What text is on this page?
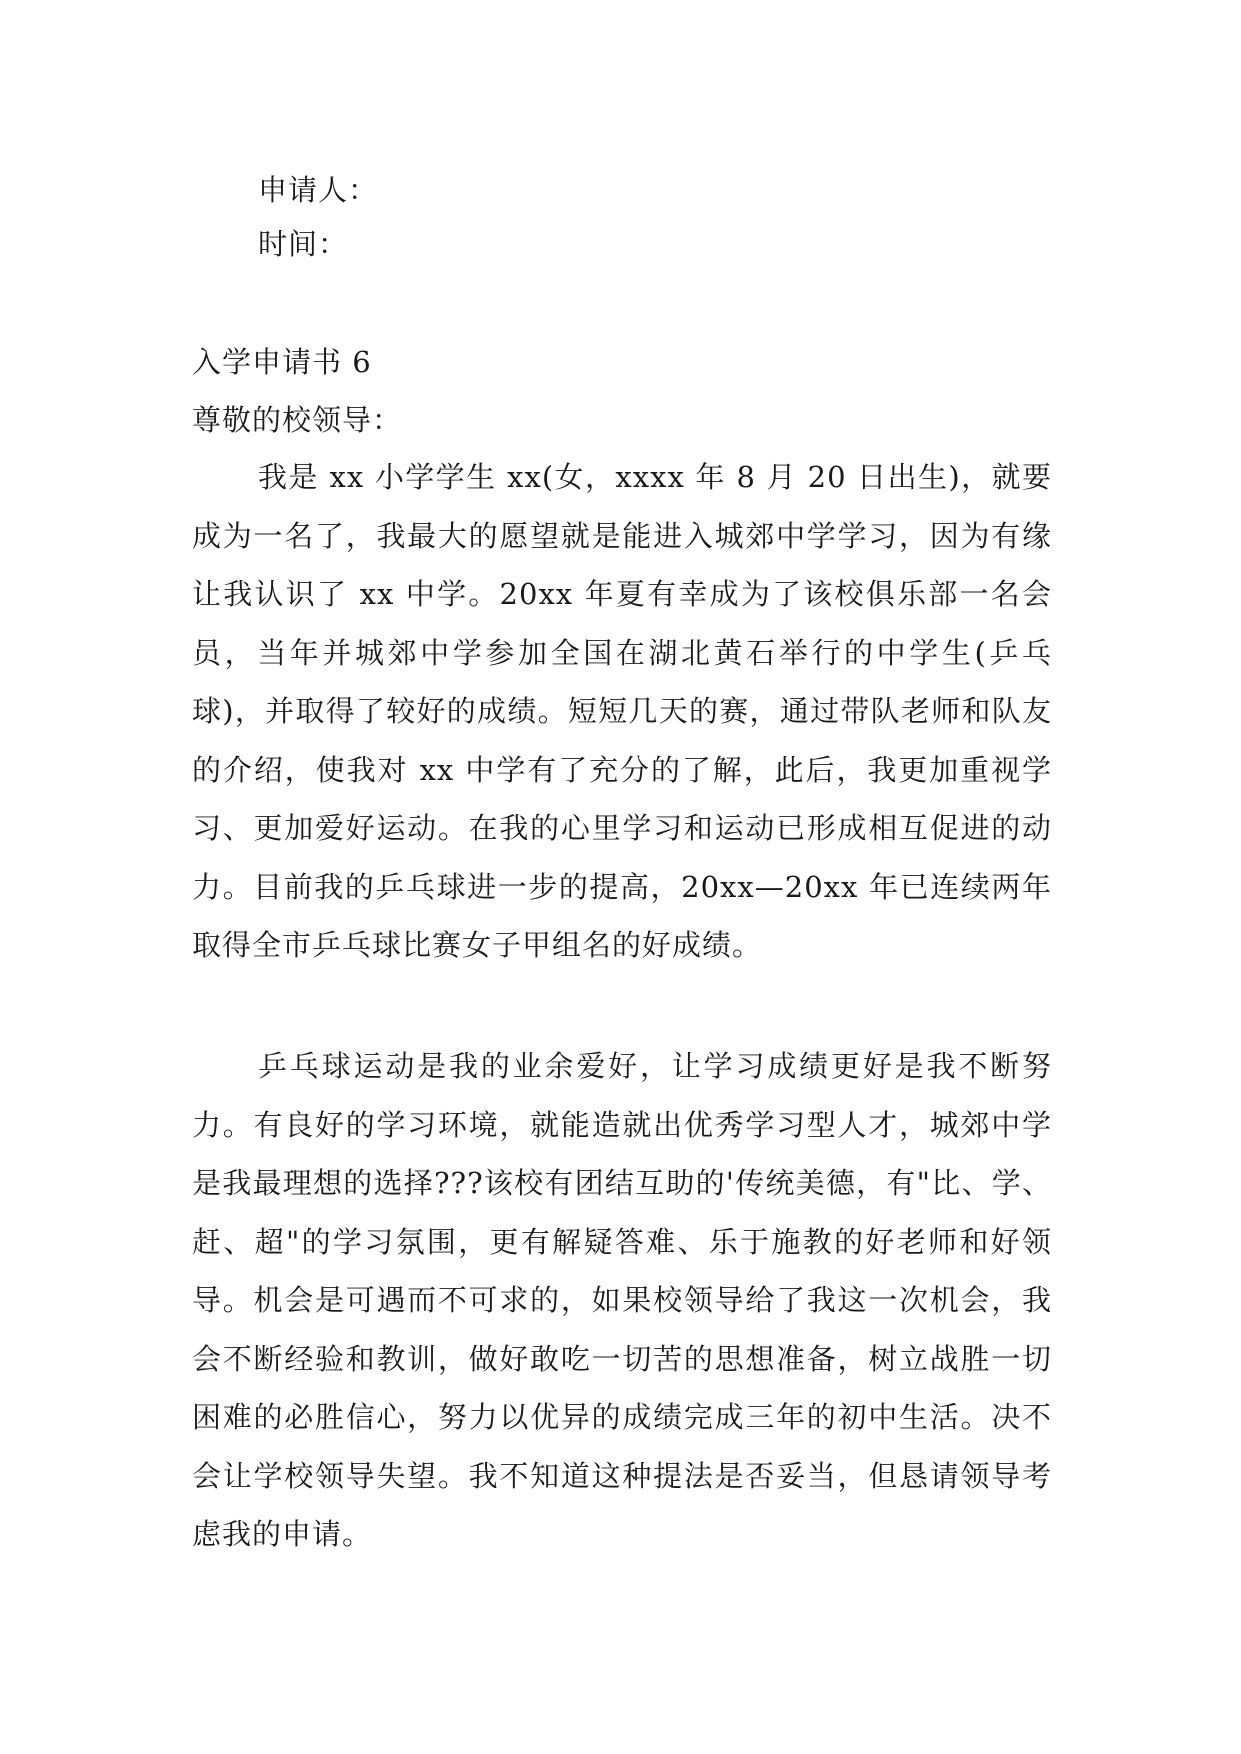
申请人：
时间：
入学申请书 6
尊敬的校领导：

我是 xx 小学学生 xx(女，xxxx 年 8 月 20 日出生)，就要成为一名了，我最大的愿望就是能进入城郊中学学习，因为有缘让我认识了 xx 中学。20xx 年夏有幸成为了该校俱乐部一名会员，当年并城郊中学参加全国在湖北黄石举行的中学生(乒乓球)，并取得了较好的成绩。短短几天的赛，通过带队老师和队友的介绍，使我对 xx 中学有了充分的了解，此后，我更加重视学习、更加爱好运动。在我的心里学习和运动已形成相互促进的动力。目前我的乒乓球进一步的提高，20xx—20xx 年已连续两年取得全市乒乓球比赛女子甲组名的好成绩。

乒乓球运动是我的业余爱好，让学习成绩更好是我不断努力。有良好的学习环境，就能造就出优秀学习型人才，城郊中学是我最理想的选择???该校有团结互助的'传统美德，有"比、学、赶、超"的学习氛围，更有解疑答难、乐于施教的好老师和好领导。机会是可遇而不可求的，如果校领导给了我这一次机会，我会不断经验和教训，做好敢吃一切苦的思想准备，树立战胜一切困难的必胜信心，努力以优异的成绩完成三年的初中生活。决不会让学校领导失望。我不知道这种提法是否妥当，但恳请领导考虑我的申请。
